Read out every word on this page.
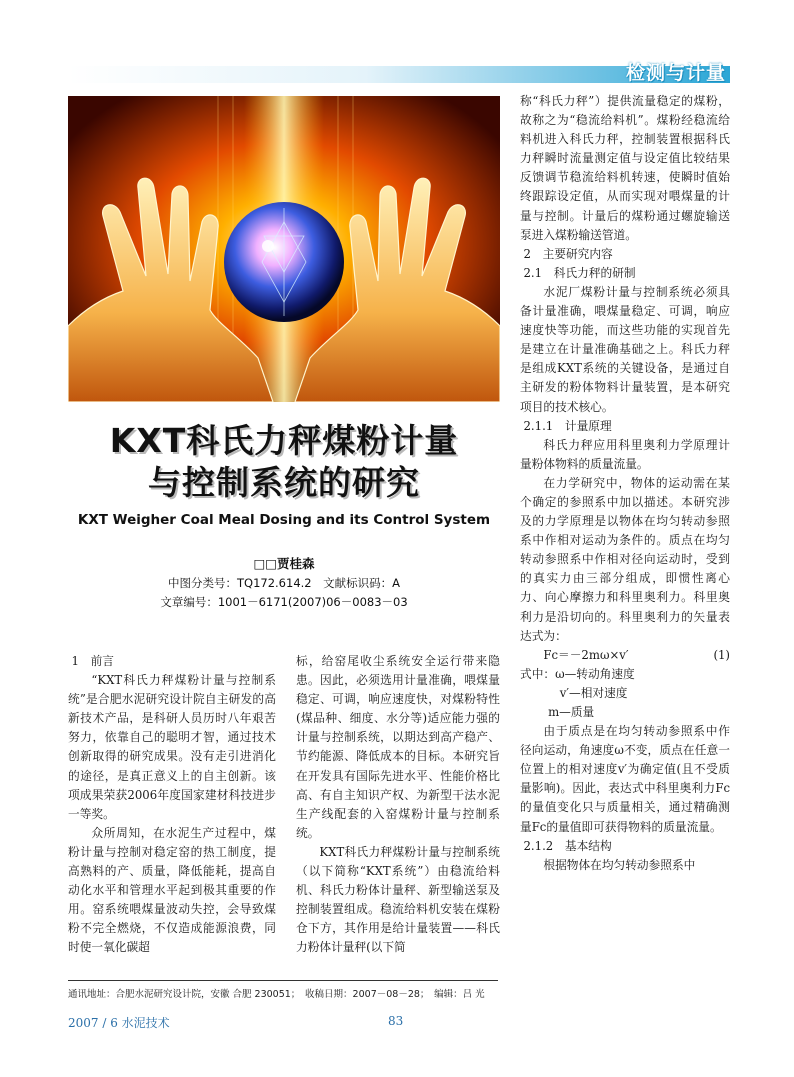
检测与计量
KXT科氏力秤煤粉计量
与控制系统的研究
KXT Weigher Coal Meal Dosing and its Control System
□□贾桂森
中图分类号：TQ172.614.2　文献标识码：A
文章编号：1001－6171(2007)06－0083－03

1　前言

“KXT科氏力秤煤粉计量与控制系统”是合肥水泥研究设计院自主研发的高新技术产品，是科研人员历时八年艰苦努力，依靠自己的聪明才智，通过技术创新取得的研究成果。没有走引进消化的途径，是真正意义上的自主创新。该项成果荣获2006年度国家建材科技进步一等奖。

众所周知，在水泥生产过程中，煤粉计量与控制对稳定窑的热工制度，提高熟料的产、质量，降低能耗，提高自动化水平和管理水平起到极其重要的作用。窑系统喂煤量波动失控，会导致煤粉不完全燃烧，不仅造成能源浪费，同时使一氧化碳超

标，给窑尾收尘系统安全运行带来隐患。因此，必须选用计量准确，喂煤量稳定、可调，响应速度快，对煤粉特性(煤品种、细度、水分等)适应能力强的计量与控制系统，以期达到高产稳产、节约能源、降低成本的目标。本研究旨在开发具有国际先进水平、性能价格比高、有自主知识产权、为新型干法水泥生产线配套的入窑煤粉计量与控制系统。

KXT科氏力秤煤粉计量与控制系统（以下简称“KXT系统”）由稳流给料机、科氏力粉体计量秤、新型输送泵及控制装置组成。稳流给料机安装在煤粉仓下方，其作用是给计量装置——科氏力粉体计量秤(以下简

称“科氏力秤”）提供流量稳定的煤粉，故称之为“稳流给料机”。煤粉经稳流给料机进入科氏力秤，控制装置根据科氏力秤瞬时流量测定值与设定值比较结果反馈调节稳流给料机转速，使瞬时值始终跟踪设定值，从而实现对喂煤量的计量与控制。计量后的煤粉通过螺旋输送泵进入煤粉输送管道。

2　主要研究内容

2.1　科氏力秤的研制

水泥厂煤粉计量与控制系统必须具备计量准确，喂煤量稳定、可调，响应速度快等功能，而这些功能的实现首先是建立在计量准确基础之上。科氏力秤是组成KXT系统的关键设备，是通过自主研发的粉体物料计量装置，是本研究项目的技术核心。

2.1.1　计量原理

科氏力秤应用科里奥利力学原理计量粉体物料的质量流量。

在力学研究中，物体的运动需在某个确定的参照系中加以描述。本研究涉及的力学原理是以物体在均匀转动参照系中作相对运动为条件的。质点在均匀转动参照系中作相对径向运动时，受到的真实力由三部分组成，即惯性离心力、向心摩擦力和科里奥利力。科里奥利力是沿切向的。科里奥利力的矢量表达式为：

Fc＝－2mω×v′	(1)

式中：ω—转动角速度

v′—相对速度

m—质量

由于质点是在均匀转动参照系中作径向运动，角速度ω不变，质点在任意一位置上的相对速度v′为确定值(且不受质量影响)。因此，表达式中科里奥利力Fc的量值变化只与质量相关，通过精确测量Fc的量值即可获得物料的质量流量。

2.1.2　基本结构

根据物体在均匀转动参照系中

通讯地址：合肥水泥研究设计院，安徽 合肥 230051；　收稿日期：2007－08－28；　编辑：吕 光
2007 / 6 水泥技术	83
